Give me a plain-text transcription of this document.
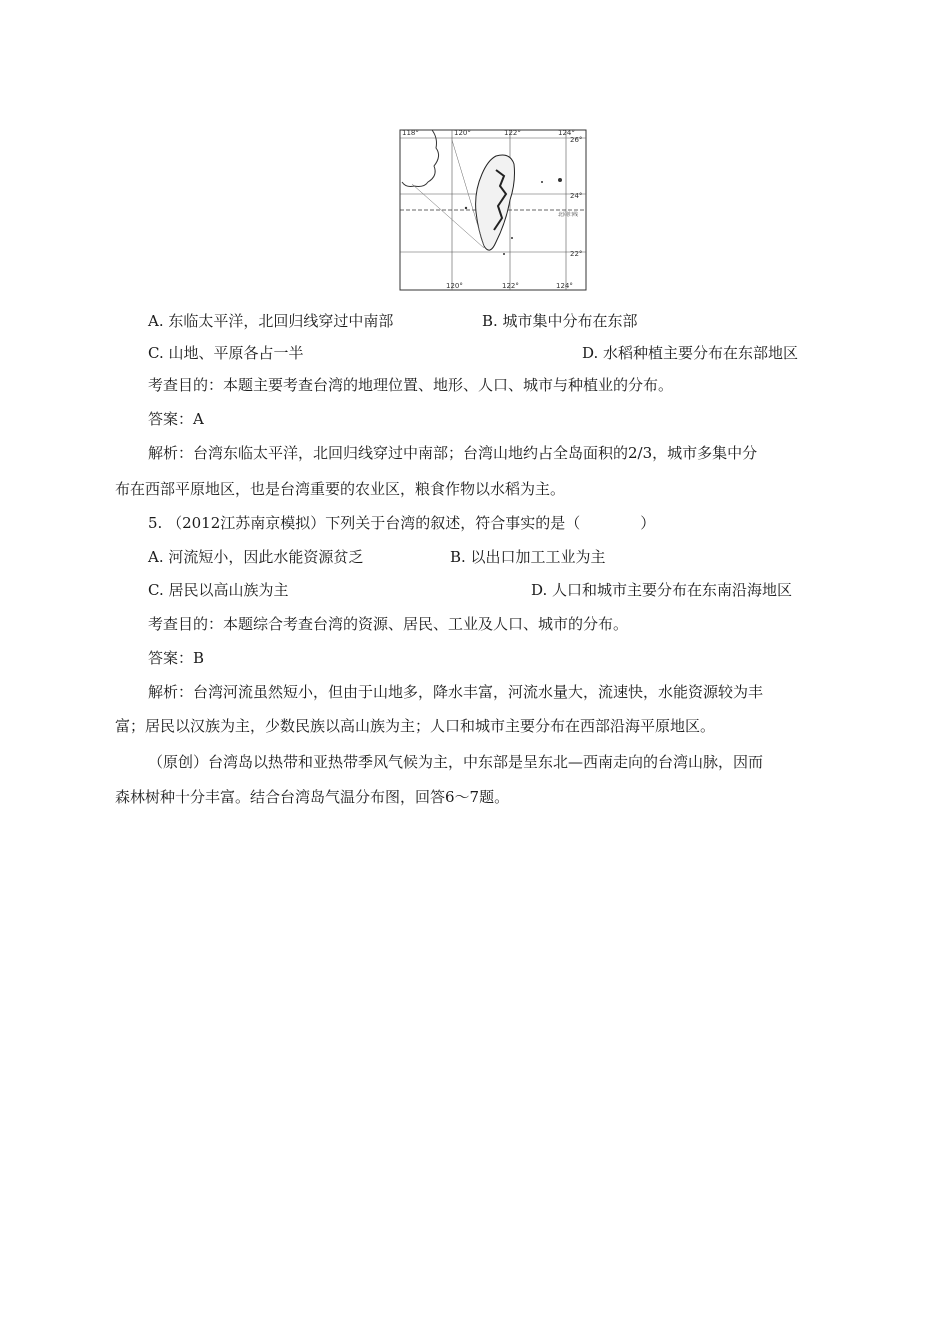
118°	120°	122°	124°
26°
24°
22°
北回归线
120°	122°	124°
A. 东临太平洋，北回归线穿过中南部	B. 城市集中分布在东部
C. 山地、平原各占一半	D. 水稻种植主要分布在东部地区
考查目的：本题主要考查台湾的地理位置、地形、人口、城市与种植业的分布。
答案：A
解析：台湾东临太平洋，北回归线穿过中南部；台湾山地约占全岛面积的2/3，城市多集中分
布在西部平原地区，也是台湾重要的农业区，粮食作物以水稻为主。
5. （2012江苏南京模拟）下列关于台湾的叙述，符合事实的是（　　　　）
A. 河流短小，因此水能资源贫乏	B. 以出口加工工业为主
C. 居民以高山族为主	D. 人口和城市主要分布在东南沿海地区
考查目的：本题综合考查台湾的资源、居民、工业及人口、城市的分布。
答案：B
解析：台湾河流虽然短小，但由于山地多，降水丰富，河流水量大，流速快，水能资源较为丰
富；居民以汉族为主，少数民族以高山族为主；人口和城市主要分布在西部沿海平原地区。
（原创）台湾岛以热带和亚热带季风气候为主，中东部是呈东北—西南走向的台湾山脉，因而
森林树种十分丰富。结合台湾岛气温分布图，回答6～7题。
